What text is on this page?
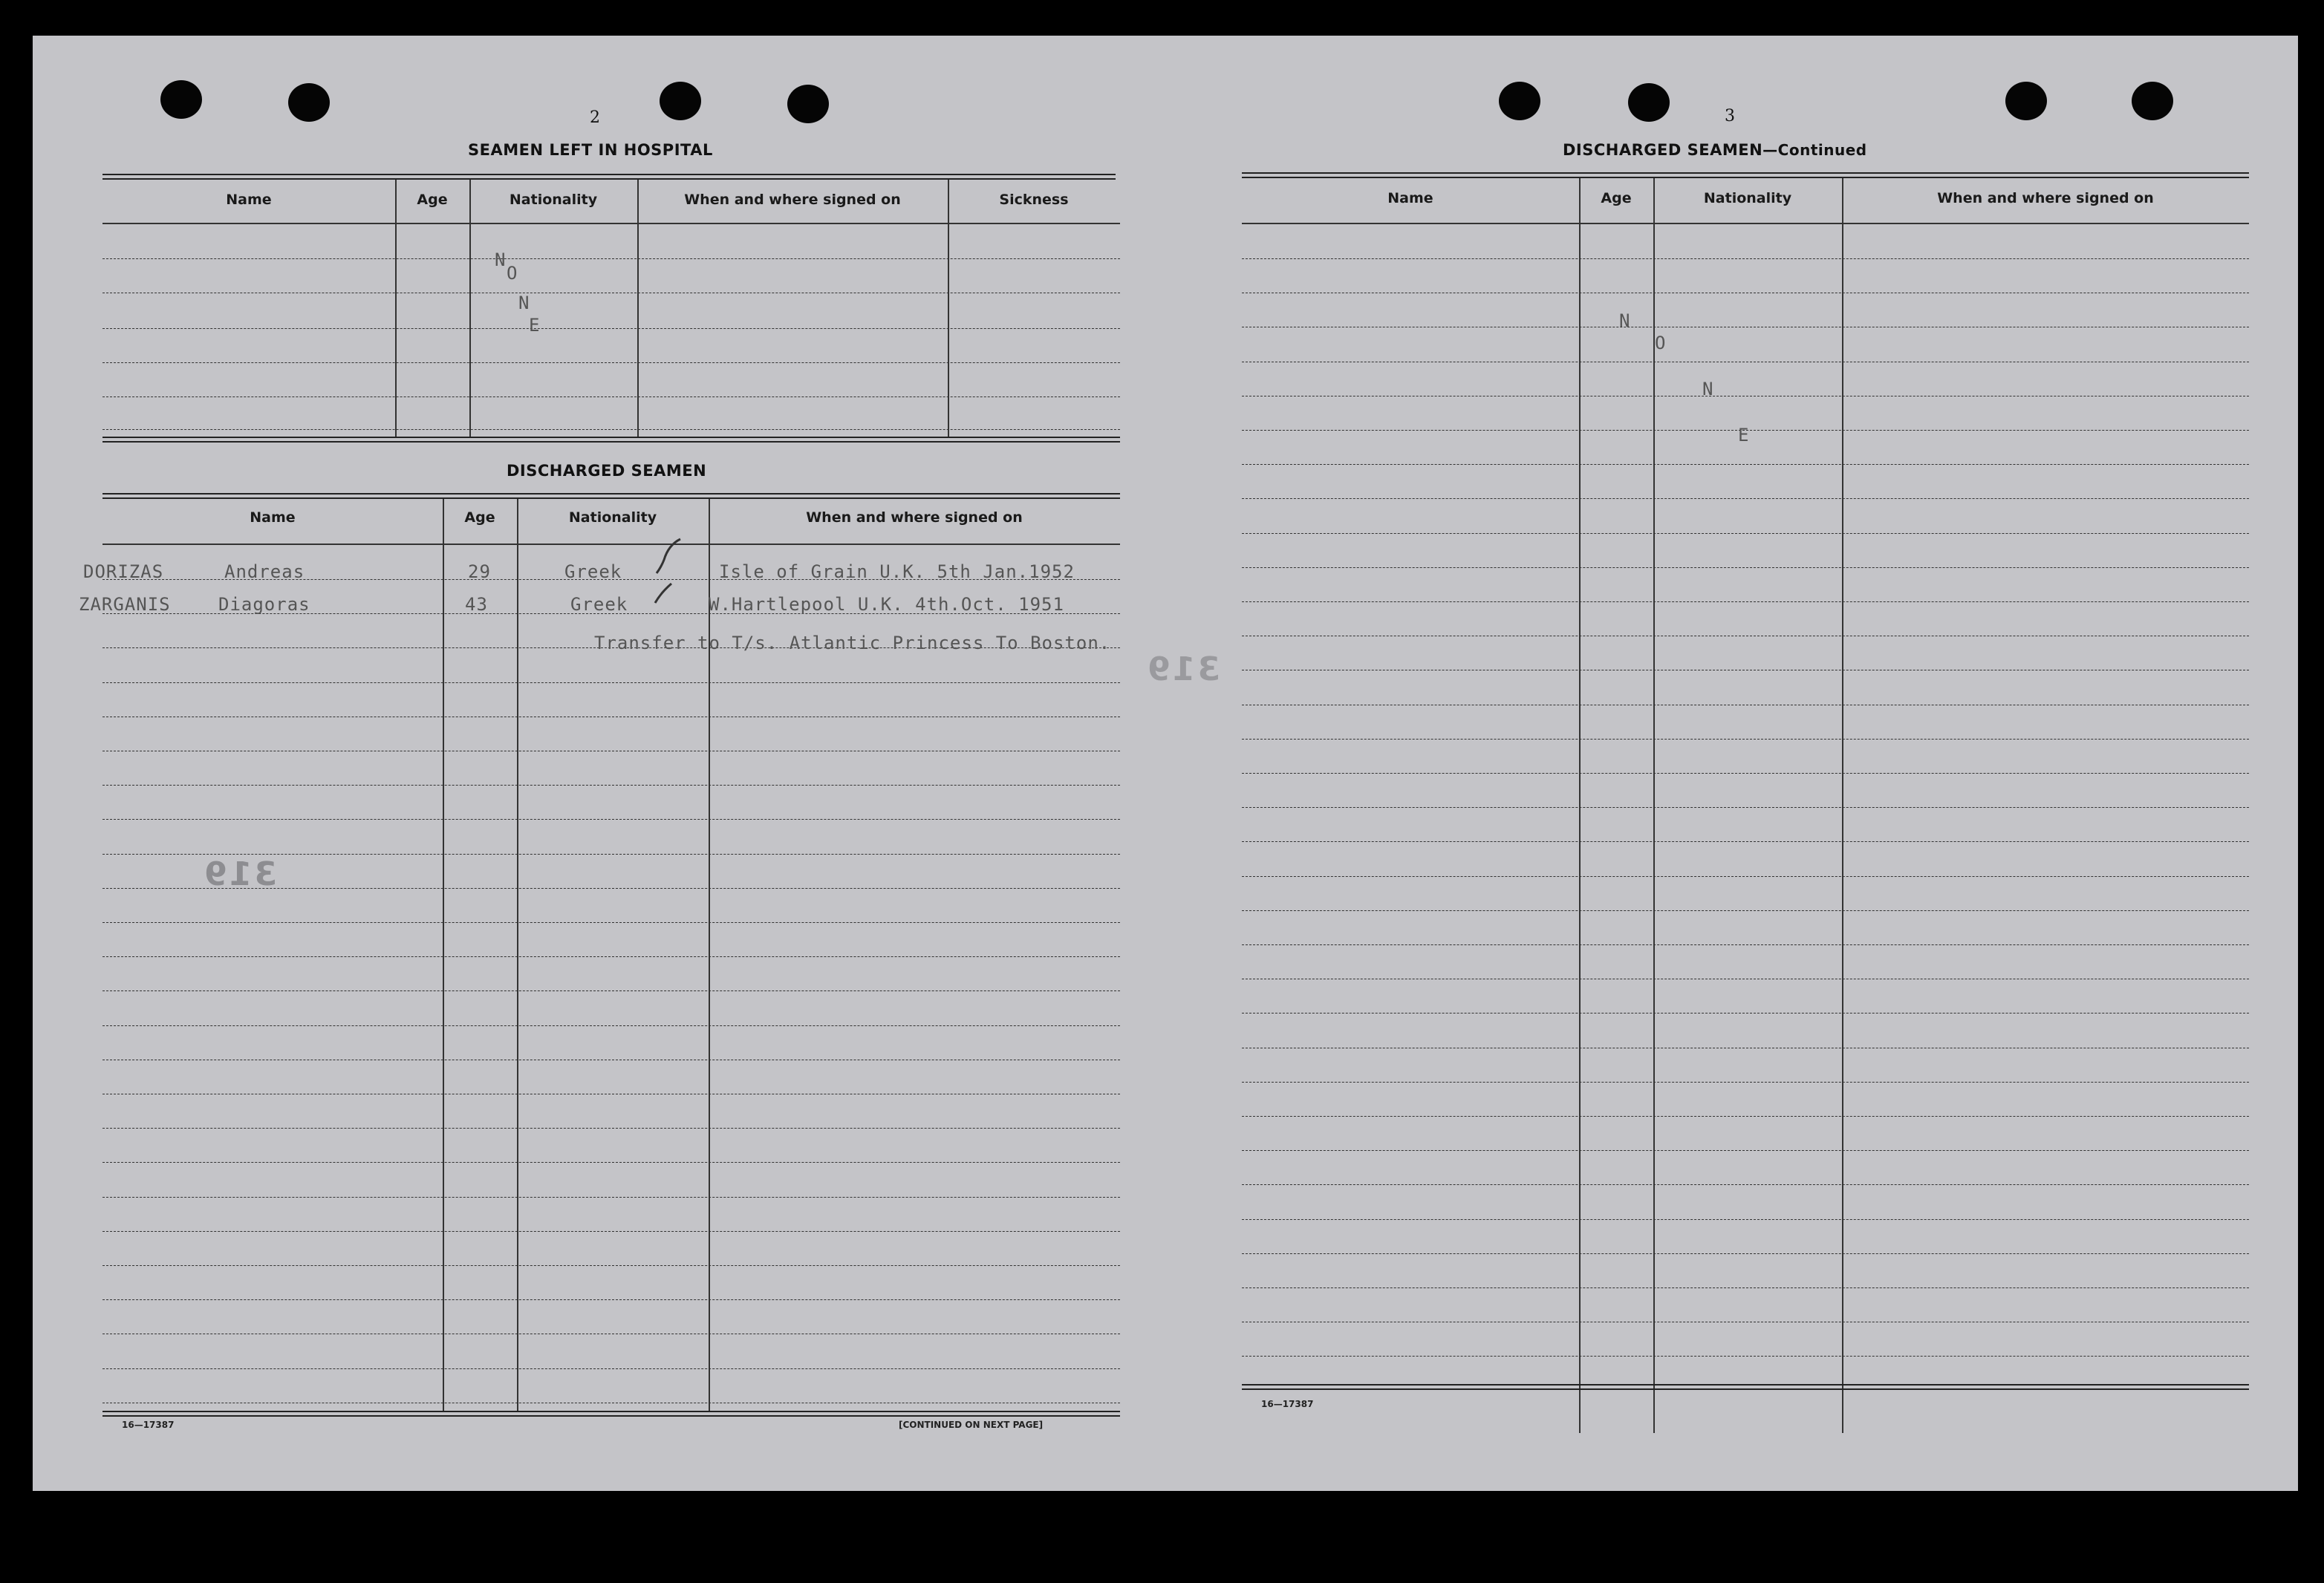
2
SEAMEN LEFT IN HOSPITAL
Name	Age	Nationality	When and where signed on	Sickness
N
O
N
E
DISCHARGED SEAMEN
Name	Age	Nationality	When and where signed on
DORIZAS	Andreas	29	Greek	Isle of Grain U.K. 5th Jan.1952
ZARGANIS	Diagoras	43	Greek	W.Hartlepool U.K. 4th.Oct. 1951
Transfer to T/s. Atlantic Princess To Boston.
319
16—17387	[CONTINUED ON NEXT PAGE]
3
DISCHARGED SEAMEN—Continued
Name	Age	Nationality	When and where signed on
N
O
N
E
319
16—17387
